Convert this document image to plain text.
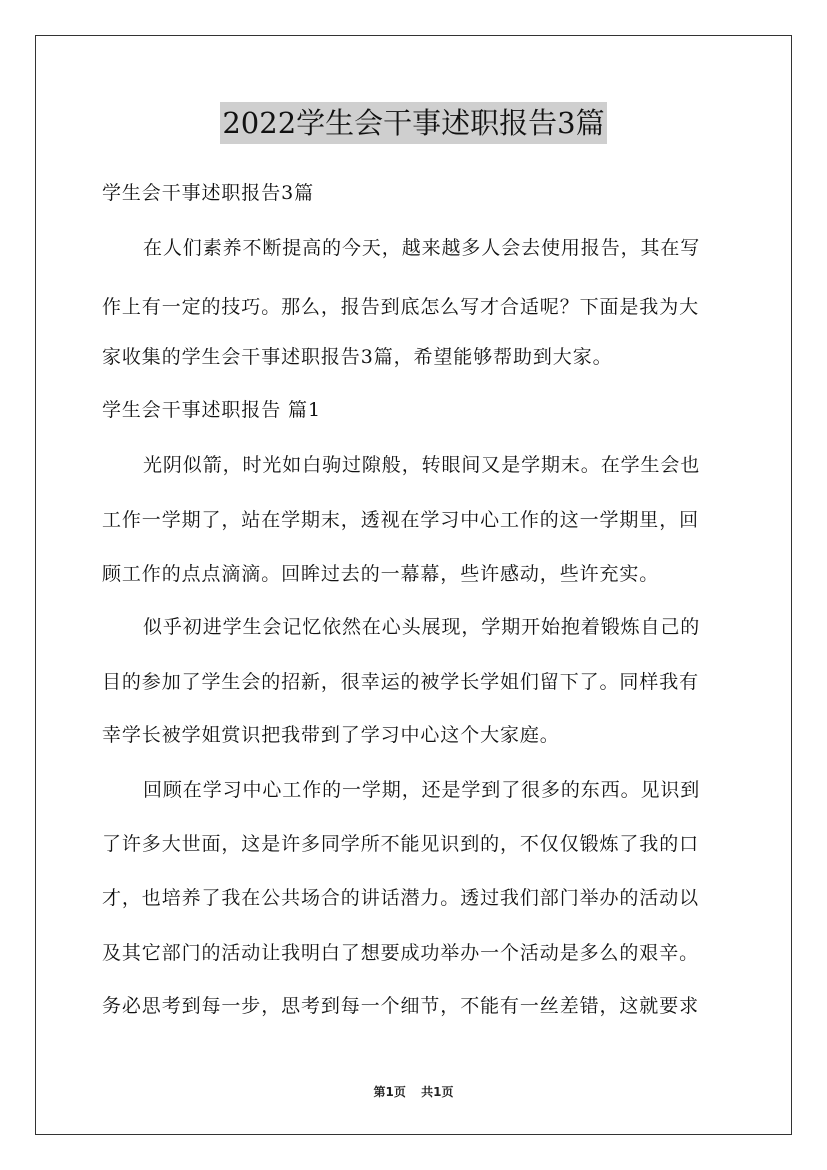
2022学生会干事述职报告3篇
学生会干事述职报告3篇
在人们素养不断提高的今天，越来越多人会去使用报告，其在写
作上有一定的技巧。那么，报告到底怎么写才合适呢？下面是我为大
家收集的学生会干事述职报告3篇，希望能够帮助到大家。
学生会干事述职报告 篇1
光阴似箭，时光如白驹过隙般，转眼间又是学期末。在学生会也
工作一学期了，站在学期末，透视在学习中心工作的这一学期里，回
顾工作的点点滴滴。回眸过去的一幕幕，些许感动，些许充实。
似乎初进学生会记忆依然在心头展现，学期开始抱着锻炼自己的
目的参加了学生会的招新，很幸运的被学长学姐们留下了。同样我有
幸学长被学姐赏识把我带到了学习中心这个大家庭。
回顾在学习中心工作的一学期，还是学到了很多的东西。见识到
了许多大世面，这是许多同学所不能见识到的，不仅仅锻炼了我的口
才，也培养了我在公共场合的讲话潜力。透过我们部门举办的活动以
及其它部门的活动让我明白了想要成功举办一个活动是多么的艰辛。
务必思考到每一步，思考到每一个细节，不能有一丝差错，这就要求
第1页 共1页
